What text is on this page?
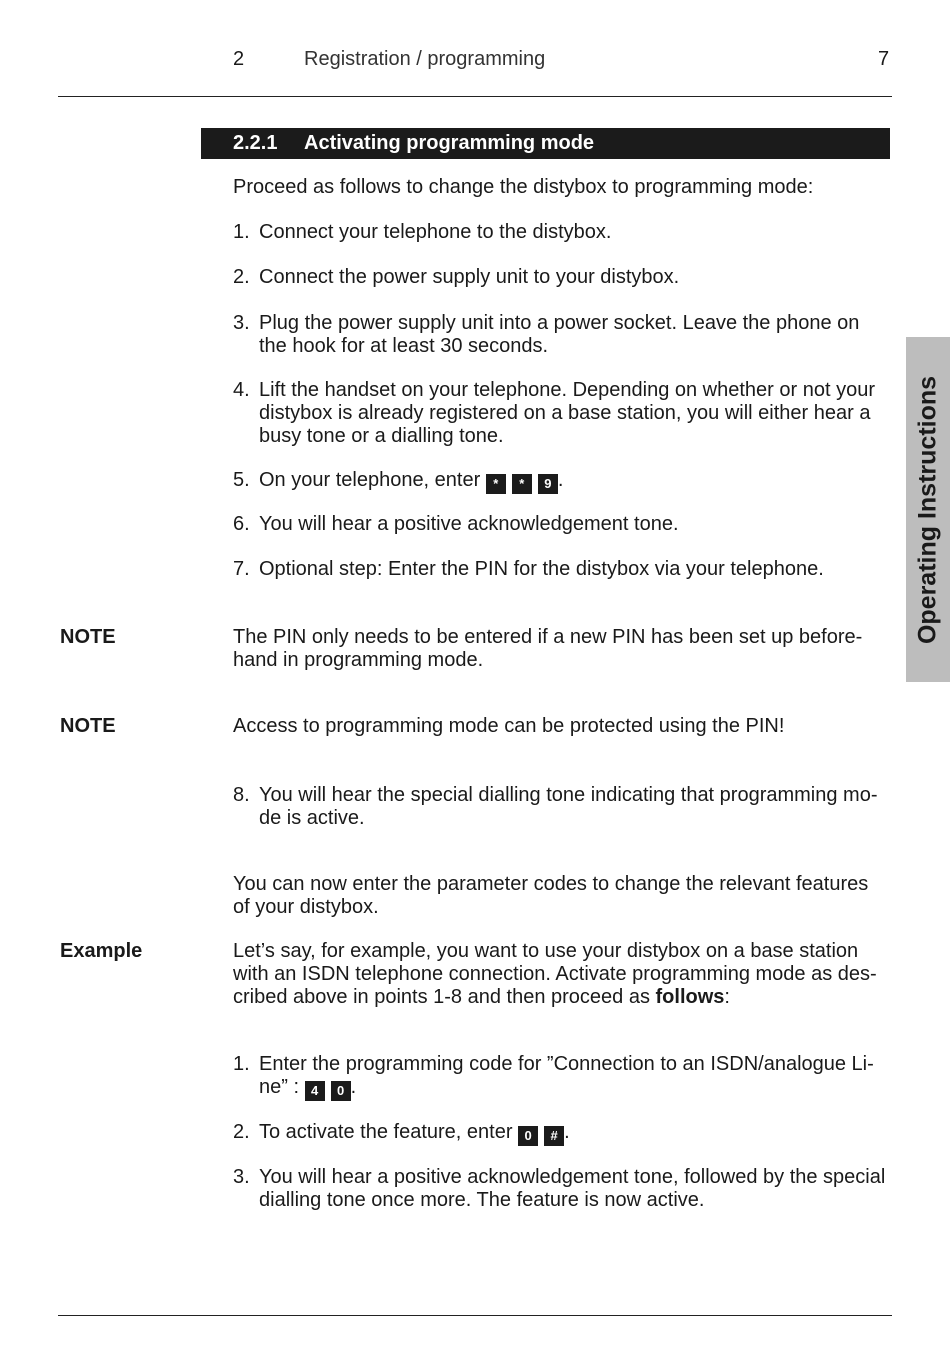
2	Registration / programming	7
2.2.1 Activating programming mode
Operating Instructions
Proceed as follows to change the distybox to programming mode:
1. Connect your telephone to the distybox.
2. Connect the power supply unit to your distybox.
3. Plug the power supply unit into a power socket. Leave the phone on
the hook for at least 30 seconds.
4. Lift the handset on your telephone. Depending on whether or not your
distybox is already registered on a base station, you will either hear a
busy tone or a dialling tone.
5. On your telephone, enter * * 9 .
6. You will hear a positive acknowledgement tone.
7. Optional step: Enter the PIN for the distybox via your telephone.
NOTE	The PIN only needs to be entered if a new PIN has been set up before-
hand in programming mode.
NOTE	Access to programming mode can be protected using the PIN!
8. You will hear the special dialling tone indicating that programming mo-
de is active.
You can now enter the parameter codes to change the relevant features
of your distybox.
Example	Let’s say, for example, you want to use your distybox on a base station
with an ISDN telephone connection. Activate programming mode as des-
cribed above in points 1-8 and then proceed as follows:
1. Enter the programming code for ”Connection to an ISDN/analogue Li-
ne” : 4 0 .
2. To activate the feature, enter 0 # .
3. You will hear a positive acknowledgement tone, followed by the special
dialling tone once more. The feature is now active.
